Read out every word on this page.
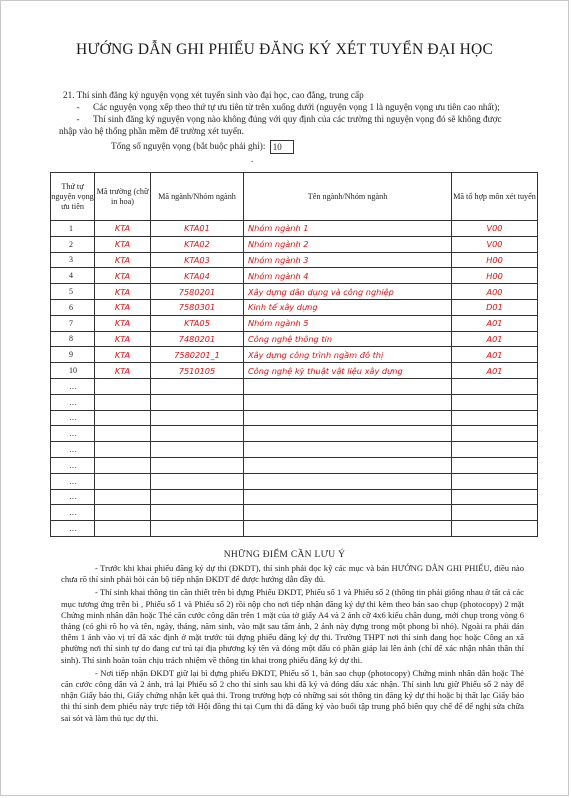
HƯỚNG DẪN GHI PHIẾU ĐĂNG KÝ XÉT TUYỂN ĐẠI HỌC
21. Thí sinh đăng ký nguyện vọng xét tuyển sinh vào đại học, cao đẳng, trung cấp
- Các nguyện vọng xếp theo thứ tự ưu tiên từ trên xuống dưới (nguyện vọng 1 là nguyện vọng ưu tiên cao nhất);
- Thí sinh đăng ký nguyện vọng nào không đúng với quy định của các trường thì nguyện vọng đó sẽ không được
nhập vào hệ thống phần mềm để trường xét tuyển.
Tổng số nguyện vọng (bắt buộc phải ghi): 10
.
Thứ tự nguyện vọng ưu tiên	Mã trường (chữ in hoa)	Mã ngành/Nhóm ngành	Tên ngành/Nhóm ngành	Mã tổ hợp môn xét tuyển
1	KTA	KTA01	Nhóm ngành 1	V00
2	KTA	KTA02	Nhóm ngành 2	V00
3	KTA	KTA03	Nhóm ngành 3	H00
4	KTA	KTA04	Nhóm ngành 4	H00
5	KTA	7580201	Xây dựng dân dụng và công nghiệp	A00
6	KTA	7580301	Kinh tế xây dựng	D01
7	KTA	KTA05	Nhóm ngành 5	A01
8	KTA	7480201	Công nghệ thông tin	A01
9	KTA	7580201_1	Xây dựng công trình ngầm đô thị	A01
10	KTA	7510105	Công nghệ kỹ thuật vật liệu xây dựng	A01
…				
…				
…				
…				
…				
…				
…				
…				
…				
…				
NHỮNG ĐIỂM CẦN LƯU Ý

- Trước khi khai phiếu đăng ký dự thi (ĐKDT), thí sinh phải đọc kỹ các mục và bản HƯỚNG DẪN GHI PHIẾU, điều nào chưa rõ thí sinh phải hỏi cán bộ tiếp nhận ĐKDT để được hướng dẫn đầy đủ.

- Thí sinh khai thông tin cần thiết trên bì đựng Phiếu ĐKDT, Phiếu số 1 và Phiếu số 2 (thông tin phải giống nhau ở tất cả các mục tương ứng trên bì , Phiếu số 1 và Phiếu số 2) rồi nộp cho nơi tiếp nhận đăng ký dự thi kèm theo bản sao chụp (photocopy) 2 mặt Chứng minh nhân dân hoặc Thẻ căn cước công dân trên 1 mặt của tờ giấy A4 và 2 ảnh cỡ 4x6 kiểu chân dung, mới chụp trong vòng 6 tháng (có ghi rõ họ và tên, ngày, tháng, năm sinh, vào mặt sau tấm ảnh, 2 ảnh này đựng trong một phong bì nhỏ). Ngoài ra phải dán thêm 1 ảnh vào vị trí đã xác định ở mặt trước túi đựng phiếu đăng ký dự thi. Trường THPT nơi thí sinh đang học hoặc Công an xã phường nơi thí sinh tự do đang cư trú tại địa phương ký tên và đóng một dấu có phần giáp lai lên ảnh (chỉ để xác nhận nhân thân thí sinh). Thí sinh hoàn toàn chịu trách nhiệm về thông tin khai trong phiếu đăng ký dự thi.

- Nơi tiếp nhận ĐKDT giữ lại bì đựng phiếu ĐKDT, Phiếu số 1, bản sao chụp (photocopy) Chứng minh nhân dân hoặc Thẻ căn cước công dân và 2 ảnh, trả lại Phiếu số 2 cho thí sinh sau khi đã ký và đóng dấu xác nhận. Thí sinh lưu giữ Phiếu số 2 này để nhận Giấy báo thi, Giấy chứng nhận kết quả thi. Trong trường hợp có những sai sót thông tin đăng ký dự thi hoặc bị thất lạc Giấy báo thi thí sinh đem phiếu này trực tiếp tới Hội đồng thi tại Cụm thi đã đăng ký vào buổi tập trung phổ biến quy chế để để nghị sửa chữa sai sót và làm thủ tục dự thi.
